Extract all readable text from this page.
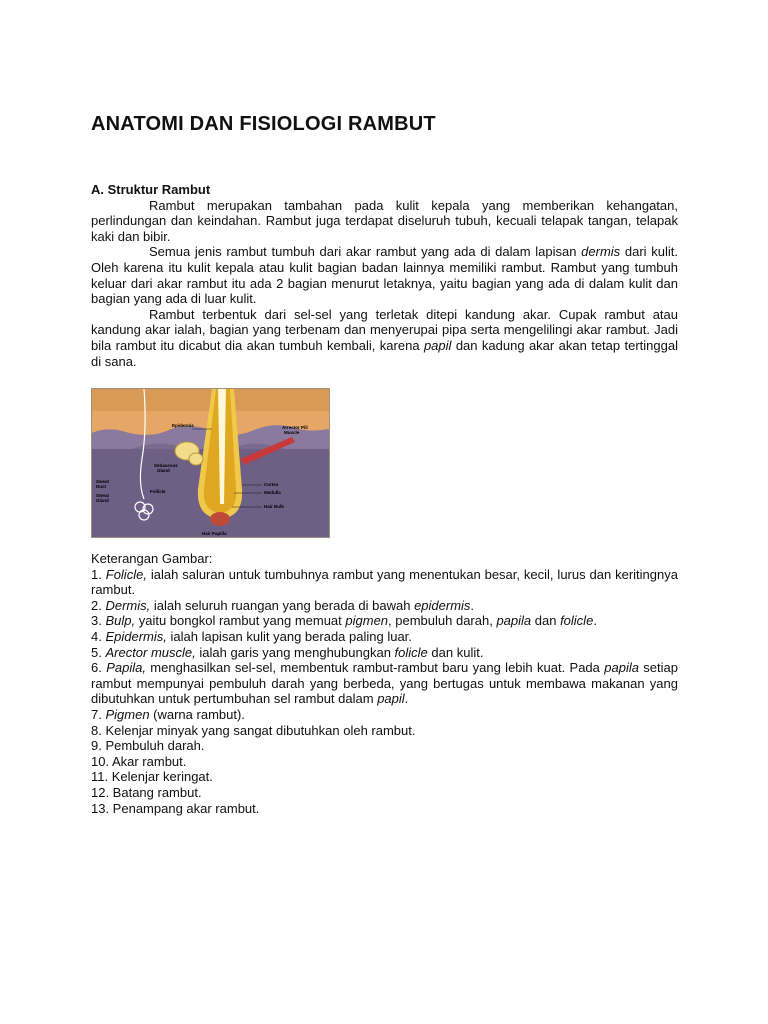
ANATOMI DAN FISIOLOGI RAMBUT

A. Struktur Rambut

Rambut merupakan tambahan pada kulit kepala yang memberikan kehangatan, perlindungan dan keindahan. Rambut juga terdapat diseluruh tubuh, kecuali telapak tangan, telapak kaki dan bibir.

Semua jenis rambut tumbuh dari akar rambut yang ada di dalam lapisan dermis dari kulit. Oleh karena itu kulit kepala atau kulit bagian badan lainnya memiliki rambut. Rambut yang tumbuh keluar dari akar rambut itu ada 2 bagian menurut letaknya, yaitu bagian yang ada di dalam kulit dan bagian yang ada di luar kulit.

Rambut terbentuk dari sel-sel yang terletak ditepi kandung akar. Cupak rambut atau kandung akar ialah, bagian yang terbenam dan menyerupai pipa serta mengelilingi akar rambut. Jadi bila rambut itu dicabut dia akan tumbuh kembali, karena papil dan kadung akar akan tetap tertinggal di sana.

Epidermis	Arrector Pili
Muscle
Sebaceous
Gland
Sweat
Duct
Sweat
Gland
Follicle
Cortex
Medulla
Hair Bulb
Hair Papilla

Keterangan Gambar:

1. Folicle, ialah saluran untuk tumbuhnya rambut yang menentukan besar, kecil, lurus dan keritingnya rambut.

2. Dermis, ialah seluruh ruangan yang berada di bawah epidermis.

3. Bulp, yaitu bongkol rambut yang memuat pigmen, pembuluh darah, papila dan folicle.

4. Epidermis, ialah lapisan kulit yang berada paling luar.

5. Arector muscle, ialah garis yang menghubungkan folicle dan kulit.

6. Papila, menghasilkan sel-sel, membentuk rambut-rambut baru yang lebih kuat. Pada papila setiap rambut mempunyai pembuluh darah yang berbeda, yang bertugas untuk membawa makanan yang dibutuhkan untuk pertumbuhan sel rambut dalam papil.

7. Pigmen (warna rambut).

8. Kelenjar minyak yang sangat dibutuhkan oleh rambut.

9. Pembuluh darah.

10. Akar rambut.

11. Kelenjar keringat.

12. Batang rambut.

13. Penampang akar rambut.
